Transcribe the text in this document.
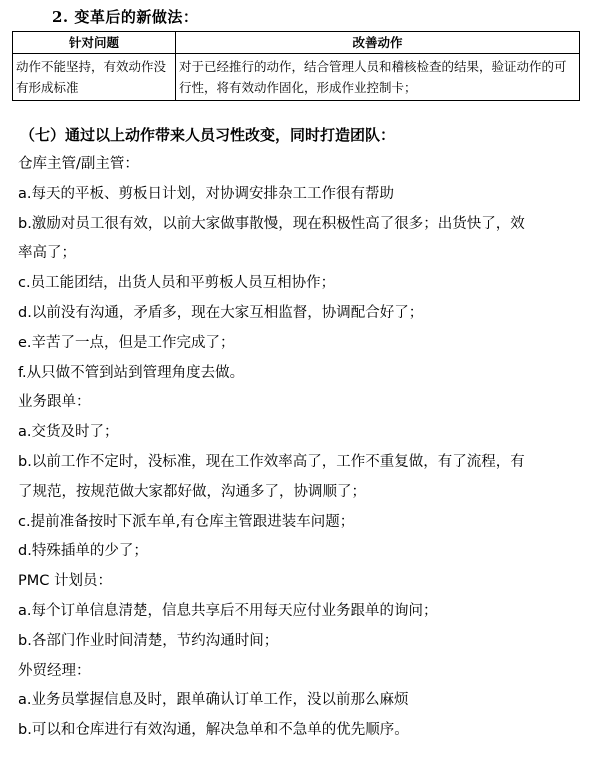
2. 变革后的新做法：
针对问题	改善动作
动作不能坚持，有效动作没有形成标准	对于已经推行的动作，结合管理人员和稽核检查的结果，验证动作的可行性，将有效动作固化，形成作业控制卡；
（七）通过以上动作带来人员习性改变，同时打造团队：
仓库主管/副主管：
a.每天的平板、剪板日计划，对协调安排杂工工作很有帮助
b.激励对员工很有效，以前大家做事散慢，现在积极性高了很多；出货快了，效
率高了；
c.员工能团结，出货人员和平剪板人员互相协作；
d.以前没有沟通，矛盾多，现在大家互相监督，协调配合好了；
e.辛苦了一点，但是工作完成了；
f.从只做不管到站到管理角度去做。
业务跟单：
a.交货及时了；
b.以前工作不定时，没标准，现在工作效率高了，工作不重复做，有了流程，有
了规范，按规范做大家都好做，沟通多了，协调顺了；
c.提前准备按时下派车单,有仓库主管跟进装车问题；
d.特殊插单的少了；
PMC 计划员：
a.每个订单信息清楚，信息共享后不用每天应付业务跟单的询问；
b.各部门作业时间清楚，节约沟通时间；
外贸经理：
a.业务员掌握信息及时，跟单确认订单工作，没以前那么麻烦
b.可以和仓库进行有效沟通，解决急单和不急单的优先顺序。
